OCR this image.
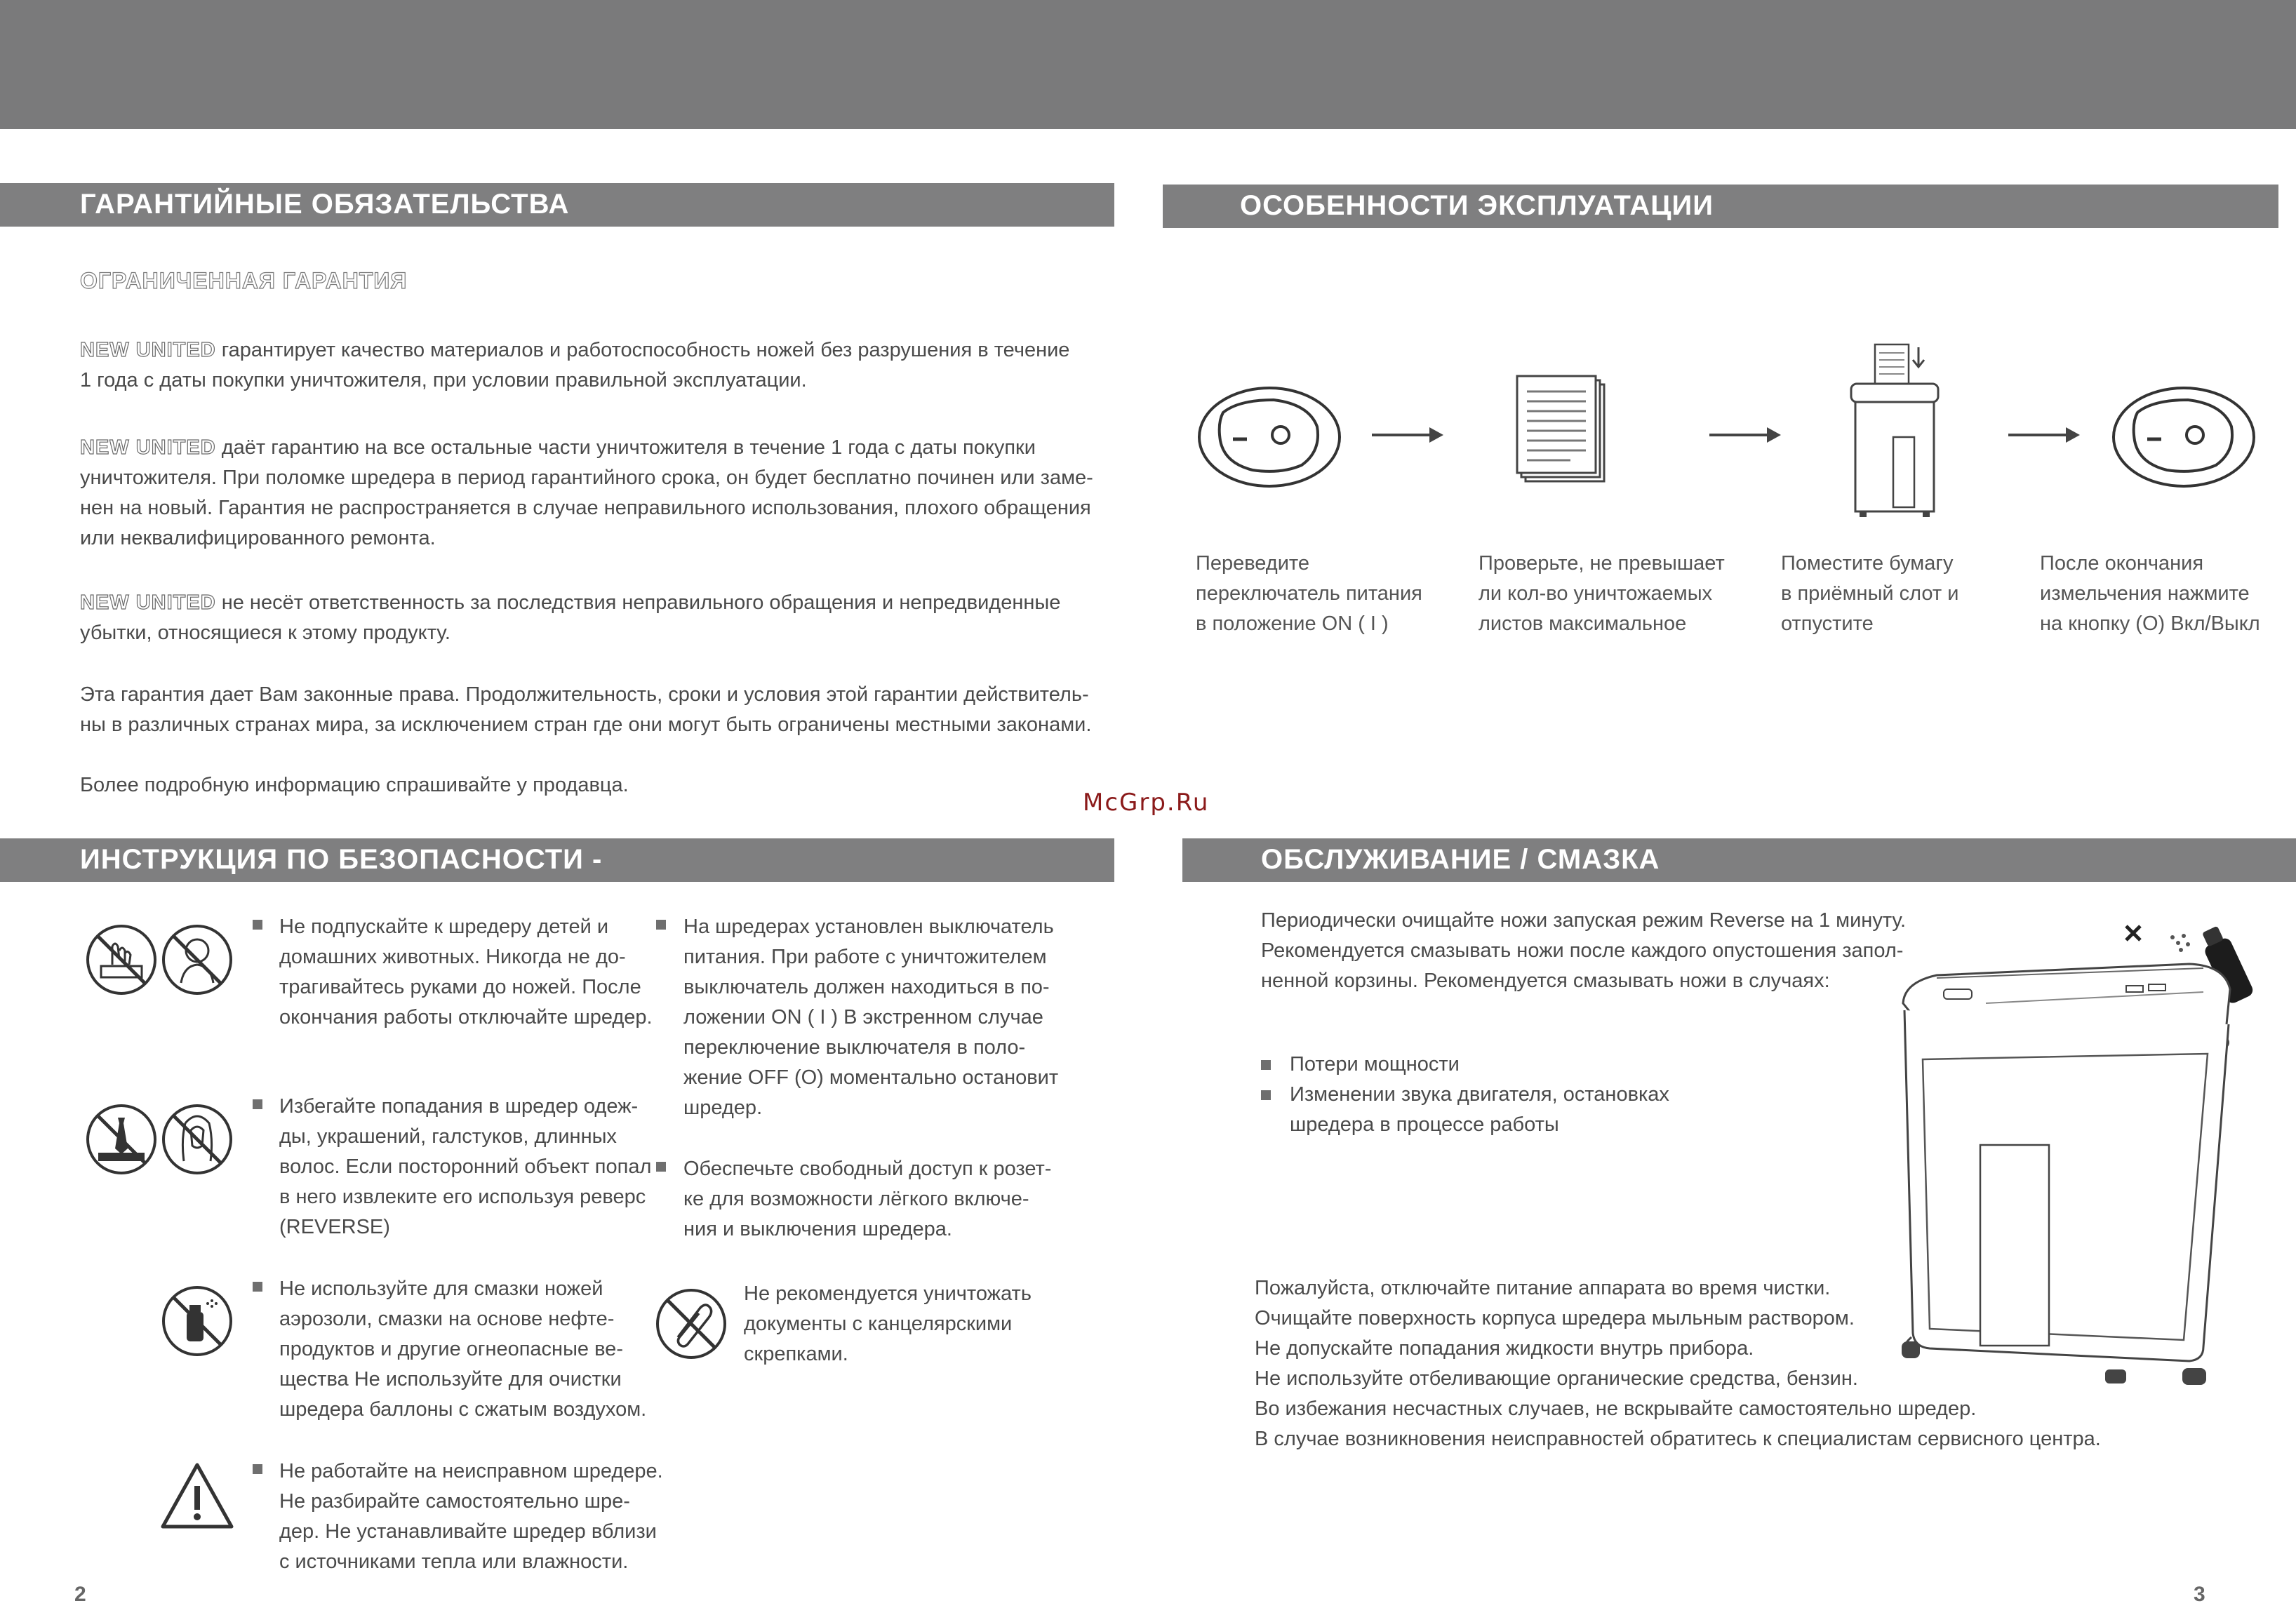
ГАРАНТИЙНЫЕ ОБЯЗАТЕЛЬСТВА
ОГРАНИЧЕННАЯ ГАРАНТИЯ
NEW UNITED гарантирует качество материалов и работоспособность ножей без разрушения в течение
1 года с даты покупки уничтожителя, при условии правильной эксплуатации.
NEW UNITED даёт гарантию на все остальные части уничтожителя в течение 1 года с даты покупки
уничтожителя. При поломке шредера в период гарантийного срока, он будет бесплатно починен или заме-
нен на новый. Гарантия не распространяется в случае неправильного использования, плохого обращения
или неквалифицированного ремонта.
NEW UNITED не несёт ответственность за последствия неправильного обращения и непредвиденные
убытки, относящиеся к этому продукту.
Эта гарантия дает Вам законные права. Продолжительность, сроки и условия этой гарантии действитель-
ны в различных странах мира, за исключением стран где они могут быть ограничены местными законами.
Более подробную информацию спрашивайте у продавца.
McGrp.Ru
ОСОБЕННОСТИ ЭКСПЛУАТАЦИИ
Переведите
переключатель питания
в положение ON ( I )
Проверьте, не превышает
ли кол-во уничтожаемых
листов максимальное
Поместите бумагу
в приёмный слот и
отпустите
После окончания
измельчения нажмите
на кнопку (O) Вкл/Выкл
ИНСТРУКЦИЯ ПО БЕЗОПАСНОСТИ -
Не подпускайте к шредеру детей и
домашних животных. Никогда не до-
трагивайтесь руками до ножей. После
окончания работы отключайте шредер.
Избегайте попадания в шредер одеж-
ды, украшений, галстуков, длинных
волос. Если посторонний объект попал
в него извлеките его используя реверс
(REVERSE)
Не используйте для смазки ножей
аэрозоли, смазки на основе нефте-
продуктов и другие огнеопасные ве-
щества Не используйте для очистки
шредера баллоны с сжатым воздухом.
Не работайте на неисправном шредере.
Не разбирайте самостоятельно шре-
дер. Не устанавливайте шредер вблизи
с источниками тепла или влажности.
На шредерах установлен выключатель
питания. При работе с уничтожителем
выключатель должен находиться в по-
ложении ON ( I ) В экстренном случае
переключение выключателя в поло-
жение OFF (O) моментально остановит
шредер.
Обеспечьте свободный доступ к розет-
ке для возможности лёгкого включе-
ния и выключения шредера.
Не рекомендуется уничтожать
документы с канцелярскими
скрепками.
ОБСЛУЖИВАНИЕ / СМАЗКА
Периодически очищайте ножи запуская режим Reverse на 1 минуту.
Рекомендуется смазывать ножи после каждого опустошения запол-
ненной корзины. Рекомендуется смазывать ножи в случаях:
Потери мощности
Изменении звука двигателя, остановках
шредера в процессе работы
Пожалуйста, отключайте питание аппарата во время чистки.
Очищайте поверхность корпуса шредера мыльным раствором.
Не допускайте попадания жидкости внутрь прибора.
Не используйте отбеливающие органические средства, бензин.
Во избежания несчастных случаев, не вскрывайте самостоятельно шредер.
В случае возникновения неисправностей обратитесь к специалистам сервисного центра.
2	3
